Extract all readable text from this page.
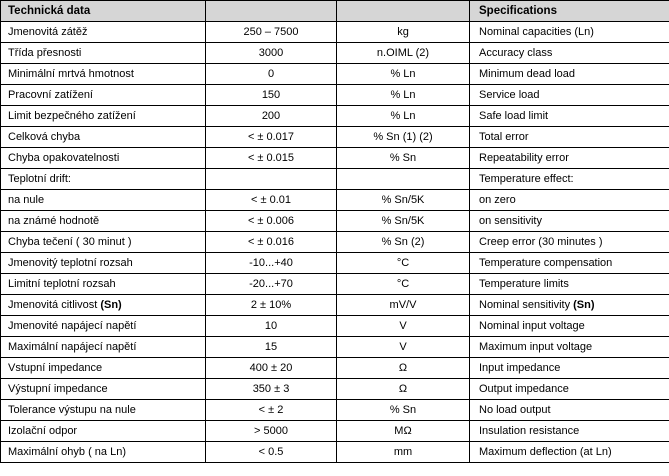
Technická data			Specifications

Jmenovitá zátěž	250 – 7500	kg	Nominal capacities (Ln)

Třída přesnosti	3000	n.OIML (2)	Accuracy class

Minimální mrtvá hmotnost	0	% Ln	Minimum dead load

Pracovní zatížení	150	% Ln	Service load

Limit bezpečného zatížení	200	% Ln	Safe load limit

Celková chyba	< ± 0.017	% Sn (1) (2)	Total error

Chyba opakovatelnosti	< ± 0.015	% Sn	Repeatability error

Teplotní drift:			Temperature effect:

na nule	< ± 0.01	% Sn/5K	on zero

na známé hodnotě	< ± 0.006	% Sn/5K	on sensitivity

Chyba tečení ( 30 minut )	< ± 0.016	% Sn (2)	Creep error (30 minutes )

Jmenovitý teplotní rozsah	-10...+40	°C	Temperature compensation

Limitní teplotní rozsah	-20...+70	°C	Temperature limits

Jmenovitá citlivost (Sn)	2 ± 10%	mV/V	Nominal sensitivity (Sn)

Jmenovité napájecí napětí	10	V	Nominal input voltage

Maximální napájecí napětí	15	V	Maximum input voltage

Vstupní impedance	400 ± 20	Ω	Input impedance

Výstupní impedance	350 ± 3	Ω	Output impedance

Tolerance výstupu na nule	< ± 2	% Sn	No load output

Izolační odpor	> 5000	MΩ	Insulation resistance

Maximální ohyb ( na Ln)	< 0.5	mm	Maximum deflection (at Ln)
